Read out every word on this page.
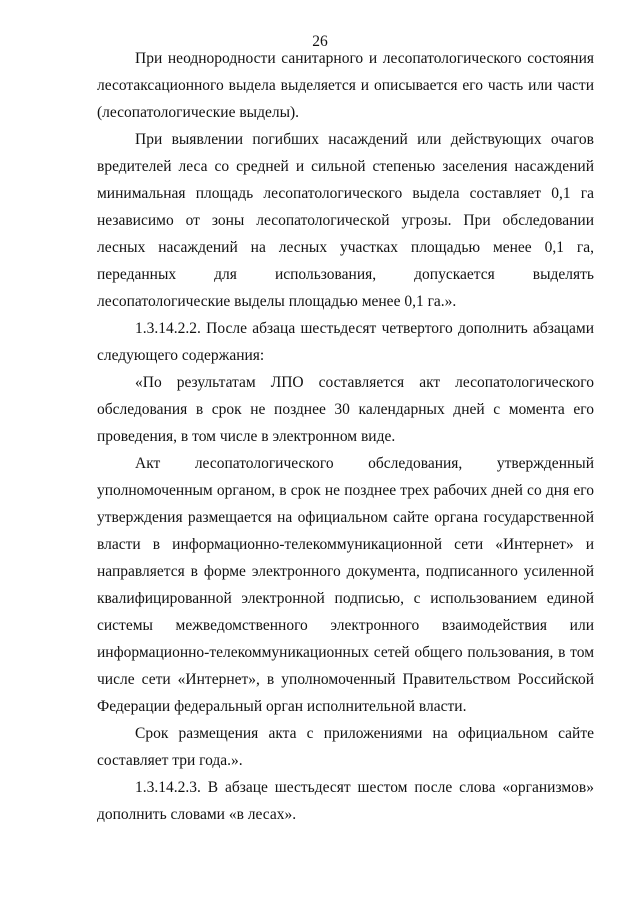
26

При неоднородности санитарного и лесопатологического состояния лесотаксационного выдела выделяется и описывается его часть или части (лесопатологические выделы).

При выявлении погибших насаждений или действующих очагов вредителей леса со средней и сильной степенью заселения насаждений минимальная площадь лесопатологического выдела составляет 0,1 га независимо от зоны лесопатологической угрозы. При обследовании лесных насаждений на лесных участках площадью менее 0,1 га, переданных для использования, допускается выделять лесопатологические выделы площадью менее 0,1 га.».

1.3.14.2.2. После абзаца шестьдесят четвертого дополнить абзацами следующего содержания:

«По результатам ЛПО составляется акт лесопатологического обследования в срок не позднее 30 календарных дней с момента его проведения, в том числе в электронном виде.

Акт лесопатологического обследования, утвержденный уполномоченным органом, в срок не позднее трех рабочих дней со дня его утверждения размещается на официальном сайте органа государственной власти в информационно-телекоммуникационной сети «Интернет» и направляется в форме электронного документа, подписанного усиленной квалифицированной электронной подписью, с использованием единой системы межведомственного электронного взаимодействия или информационно-телекоммуникационных сетей общего пользования, в том числе сети «Интернет», в уполномоченный Правительством Российской Федерации федеральный орган исполнительной власти.

Срок размещения акта с приложениями на официальном сайте составляет три года.».

1.3.14.2.3. В абзаце шестьдесят шестом после слова «организмов» дополнить словами «в лесах».
